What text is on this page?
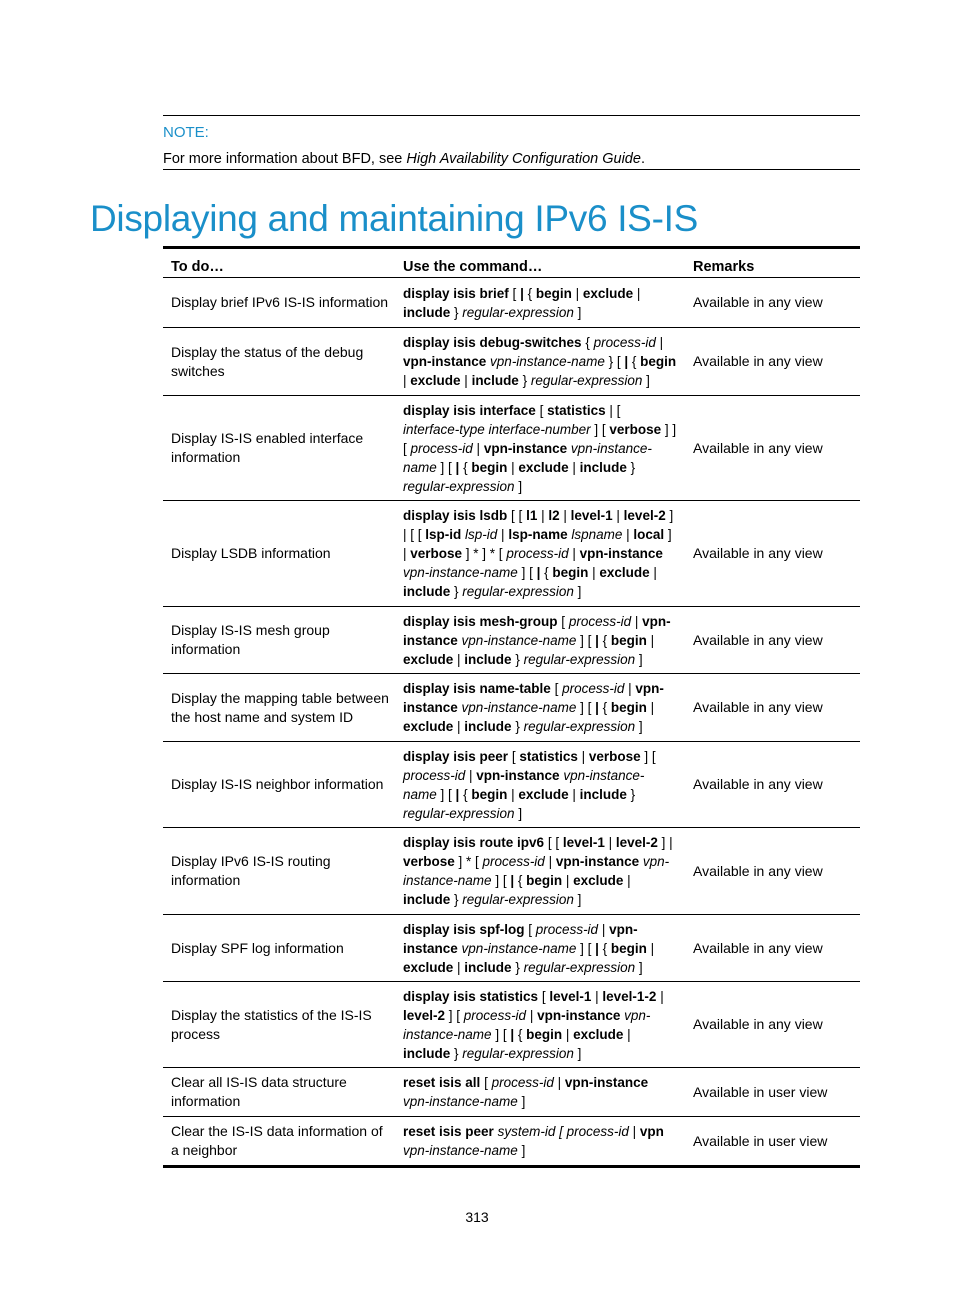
NOTE:
For more information about BFD, see High Availability Configuration Guide.
Displaying and maintaining IPv6 IS-IS
To do…	Use the command…	Remarks
Display brief IPv6 IS-IS information
display isis brief [ | { begin | exclude | include } regular-expression ]
Available in any view
Display the status of the debug switches
display isis debug-switches { process-id | vpn-instance vpn-instance-name } [ | { begin | exclude | include } regular-expression ]
Available in any view
Display IS-IS enabled interface information
display isis interface [ statistics | [ interface-type interface-number ] [ verbose ] ] [ process-id | vpn-instance vpn-instance-name ] [ | { begin | exclude | include } regular-expression ]
Available in any view
Display LSDB information
display isis lsdb [ [ l1 | l2 | level-1 | level-2 ] | [ [ lsp-id lsp-id | lsp-name lspname | local ] | verbose ] * ] * [ process-id | vpn-instance vpn-instance-name ] [ | { begin | exclude | include } regular-expression ]
Available in any view
Display IS-IS mesh group information
display isis mesh-group [ process-id | vpn-instance vpn-instance-name ] [ | { begin | exclude | include } regular-expression ]
Available in any view
Display the mapping table between the host name and system ID
display isis name-table [ process-id | vpn-instance vpn-instance-name ] [ | { begin | exclude | include } regular-expression ]
Available in any view
Display IS-IS neighbor information
display isis peer [ statistics | verbose ] [ process-id | vpn-instance vpn-instance-name ] [ | { begin | exclude | include } regular-expression ]
Available in any view
Display IPv6 IS-IS routing information
display isis route ipv6 [ [ level-1 | level-2 ] | verbose ] * [ process-id | vpn-instance vpn-instance-name ] [ | { begin | exclude | include } regular-expression ]
Available in any view
Display SPF log information
display isis spf-log [ process-id | vpn-instance vpn-instance-name ] [ | { begin | exclude | include } regular-expression ]
Available in any view
Display the statistics of the IS-IS process
display isis statistics [ level-1 | level-1-2 | level-2 ] [ process-id | vpn-instance vpn-instance-name ] [ | { begin | exclude | include } regular-expression ]
Available in any view
Clear all IS-IS data structure information
reset isis all [ process-id | vpn-instance vpn-instance-name ]
Available in user view
Clear the IS-IS data information of a neighbor
reset isis peer system-id [ process-id | vpn vpn-instance-name ]
Available in user view
313
